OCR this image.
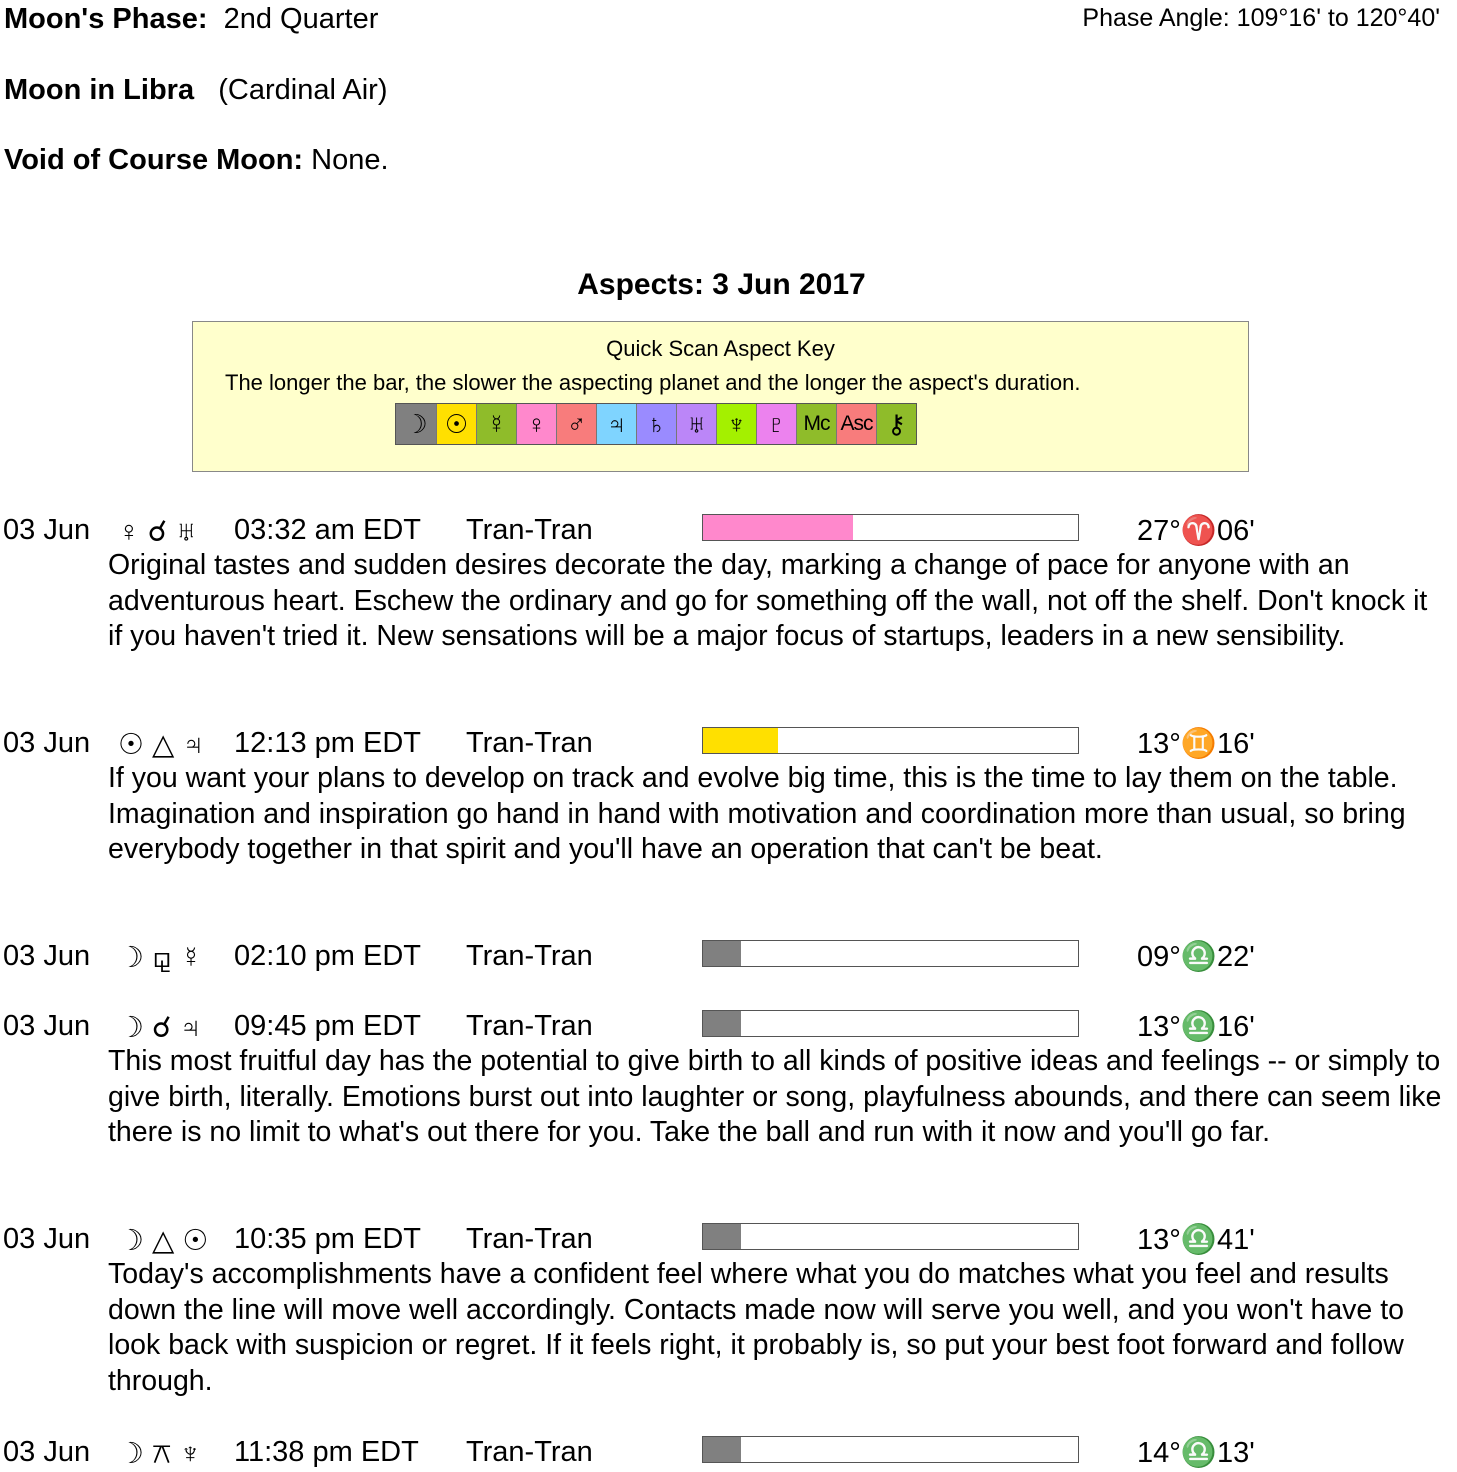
Moon's Phase: 2nd Quarter	Phase Angle: 109°16' to 120°40'
Moon in Libra (Cardinal Air)
Void of Course Moon: None.
Aspects: 3 Jun 2017
Quick Scan Aspect Key
The longer the bar, the slower the aspecting planet and the longer the aspect's duration.
☽ ☉ ☿ ♀ ♂ ♃ ♄ ♅ ♆ ♇ Mc Asc ⚷
03 Jun ♀ ☌ ♅ 03:32 am EDT Tran-Tran	27°♈06'
Original tastes and sudden desires decorate the day, marking a change of pace for anyone with an adventurous heart. Eschew the ordinary and go for something off the wall, not off the shelf. Don't knock it if you haven't tried it. New sensations will be a major focus of startups, leaders in a new sensibility.
03 Jun ☉ △ ♃ 12:13 pm EDT Tran-Tran	13°♊16'
If you want your plans to develop on track and evolve big time, this is the time to lay them on the table. Imagination and inspiration go hand in hand with motivation and coordination more than usual, so bring everybody together in that spirit and you'll have an operation that can't be beat.
03 Jun ☽ ⚼ ☿ 02:10 pm EDT Tran-Tran	09°♎22'
03 Jun ☽ ☌ ♃ 09:45 pm EDT Tran-Tran	13°♎16'
This most fruitful day has the potential to give birth to all kinds of positive ideas and feelings -- or simply to give birth, literally. Emotions burst out into laughter or song, playfulness abounds, and there can seem like there is no limit to what's out there for you. Take the ball and run with it now and you'll go far.
03 Jun ☽ △ ☉ 10:35 pm EDT Tran-Tran	13°♎41'
Today's accomplishments have a confident feel where what you do matches what you feel and results down the line will move well accordingly. Contacts made now will serve you well, and you won't have to look back with suspicion or regret. If it feels right, it probably is, so put your best foot forward and follow through.
03 Jun ☽ ⚻ ♆ 11:38 pm EDT Tran-Tran	14°♎13'
